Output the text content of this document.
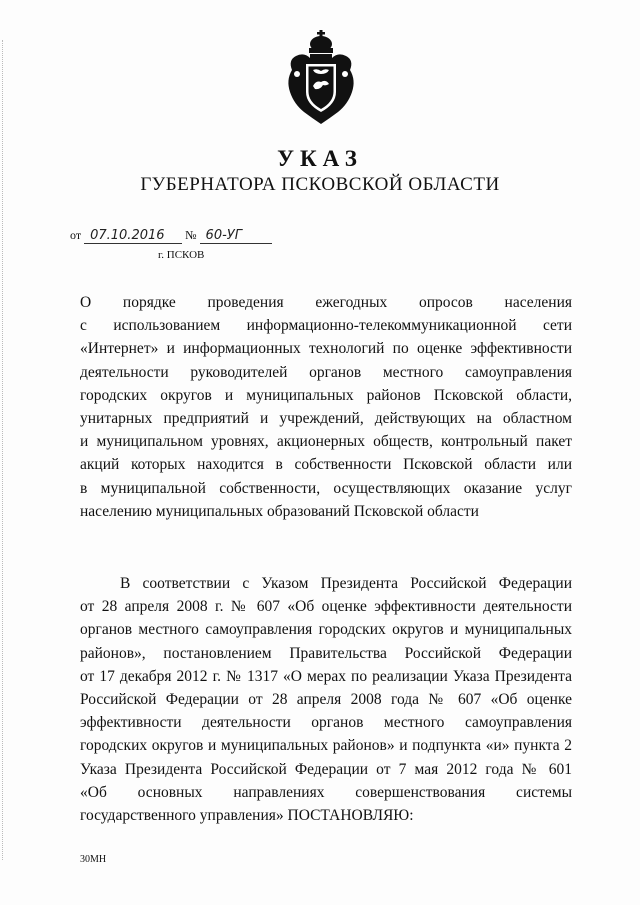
УКАЗ
ГУБЕРНАТОРА ПСКОВСКОЙ ОБЛАСТИ
от 07.10.2016 № 60-УГ
г. ПСКОВ
О порядке проведения ежегодных опросов населения
с использованием информационно-телекоммуникационной сети
«Интернет» и информационных технологий по оценке эффективности
деятельности руководителей органов местного самоуправления
городских округов и муниципальных районов Псковской области,
унитарных предприятий и учреждений, действующих на областном
и муниципальном уровнях, акционерных обществ, контрольный пакет
акций которых находится в собственности Псковской области или
в муниципальной собственности, осуществляющих оказание услуг
населению муниципальных образований Псковской области
В соответствии с Указом Президента Российской Федерации
от 28 апреля 2008 г. № 607 «Об оценке эффективности деятельности
органов местного самоуправления городских округов и муниципальных
районов», постановлением Правительства Российской Федерации
от 17 декабря 2012 г. № 1317 «О мерах по реализации Указа Президента
Российской Федерации от 28 апреля 2008 года № 607 «Об оценке
эффективности деятельности органов местного самоуправления
городских округов и муниципальных районов» и подпункта «и» пункта 2
Указа Президента Российской Федерации от 7 мая 2012 года № 601
«Об основных направлениях совершенствования системы
государственного управления» ПОСТАНОВЛЯЮ:
30МН
